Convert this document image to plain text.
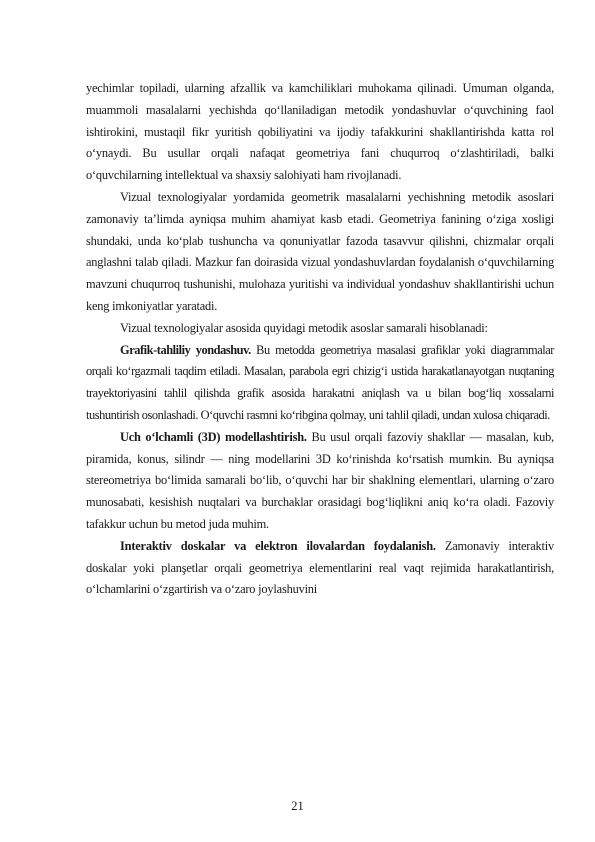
yechimlar topiladi, ularning afzallik va kamchiliklari muhokama qilinadi. Umuman olganda, muammoli masalalarni yechishda qo‘llaniladigan metodik yondashuvlar o‘quvchining faol ishtirokini, mustaqil fikr yuritish qobiliyatini va ijodiy tafakkurini shakllantirishda katta rol o‘ynaydi. Bu usullar orqali nafaqat geometriya fani chuqurroq o‘zlashtiriladi, balki o‘quvchilarning intellektual va shaxsiy salohiyati ham rivojlanadi.

Vizual texnologiyalar yordamida geometrik masalalarni yechishning metodik asoslari zamonaviy ta’limda ayniqsa muhim ahamiyat kasb etadi. Geometriya fanining o‘ziga xosligi shundaki, unda ko‘plab tushuncha va qonuniyatlar fazoda tasavvur qilishni, chizmalar orqali anglashni talab qiladi. Mazkur fan doirasida vizual yondashuvlardan foydalanish o‘quvchilarning mavzuni chuqurroq tushunishi, mulohaza yuritishi va individual yondashuv shakllantirishi uchun keng imkoniyatlar yaratadi.

Vizual texnologiyalar asosida quyidagi metodik asoslar samarali hisoblanadi:

Grafik-tahliliy yondashuv. Bu metodda geometriya masalasi grafiklar yoki diagrammalar orqali ko‘rgazmali taqdim etiladi. Masalan, parabola egri chizig‘i ustida harakatlanayotgan nuqtaning trayektoriyasini tahlil qilishda grafik asosida harakatni aniqlash va u bilan bog‘liq xossalarni tushuntirish osonlashadi. O‘quvchi rasmni ko‘ribgina qolmay, uni tahlil qiladi, undan xulosa chiqaradi.

Uch o‘lchamli (3D) modellashtirish. Bu usul orqali fazoviy shakllar — masalan, kub, piramida, konus, silindr — ning modellarini 3D ko‘rinishda ko‘rsatish mumkin. Bu ayniqsa stereometriya bo‘limida samarali bo‘lib, o‘quvchi har bir shaklning elementlari, ularning o‘zaro munosabati, kesishish nuqtalari va burchaklar orasidagi bog‘liqlikni aniq ko‘ra oladi. Fazoviy tafakkur uchun bu metod juda muhim.

Interaktiv doskalar va elektron ilovalardan foydalanish. Zamonaviy interaktiv doskalar yoki planşetlar orqali geometriya elementlarini real vaqt rejimida harakatlantirish, o‘lchamlarini o‘zgartirish va o‘zaro joylashuvini

21
